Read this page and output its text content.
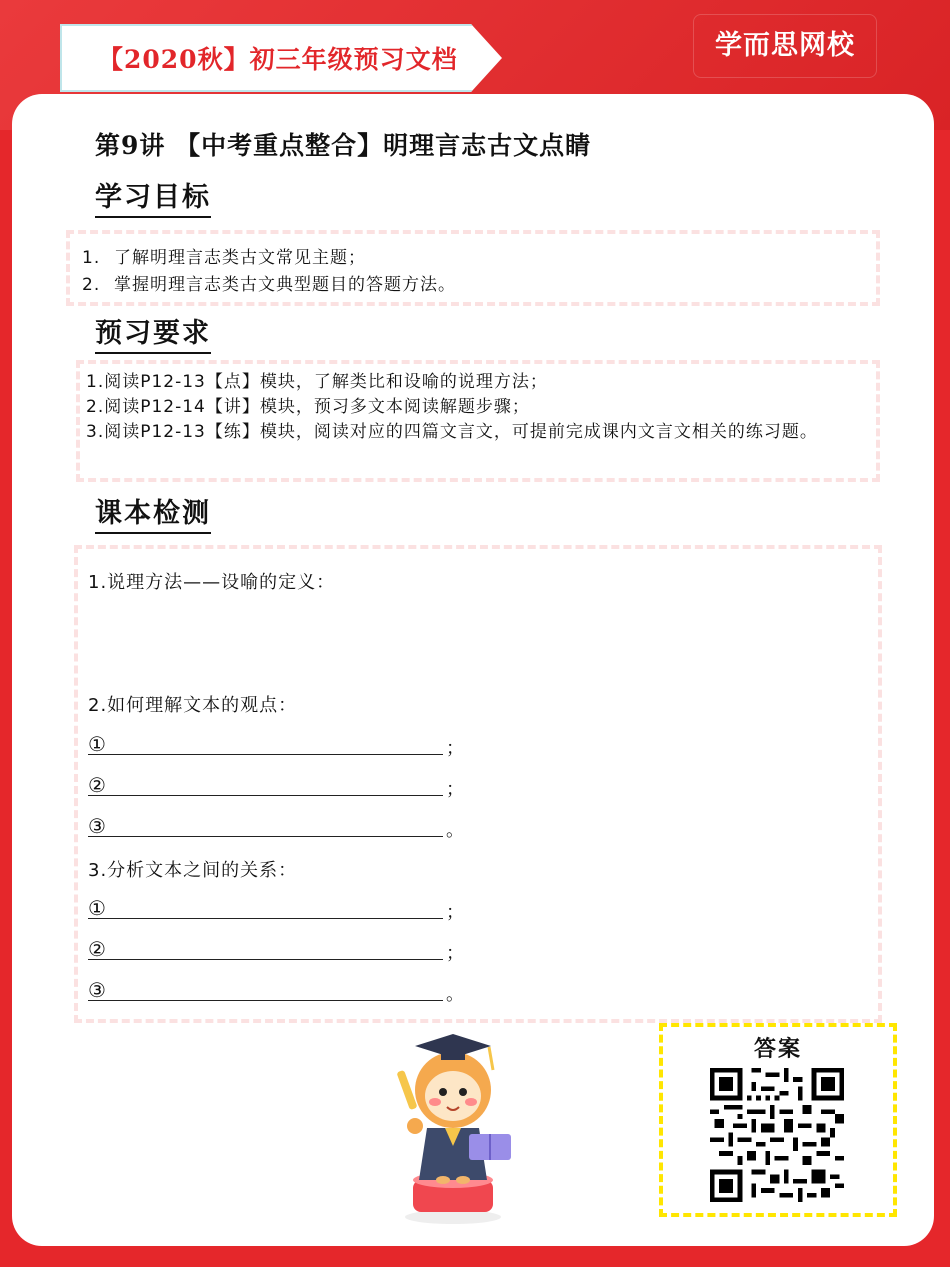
【2020秋】初三年级预习文档	学而思网校
第9讲 【中考重点整合】明理言志古文点睛
学习目标
1. 了解明理言志类古文常见主题；
2. 掌握明理言志类古文典型题目的答题方法。
预习要求
1.阅读P12-13【点】模块，了解类比和设喻的说理方法；
2.阅读P12-14【讲】模块，预习多文本阅读解题步骤；
3.阅读P12-13【练】模块，阅读对应的四篇文言文，可提前完成课内文言文相关的练习题。
课本检测
1.说理方法——设喻的定义：
2.如何理解文本的观点：
①	；
②	；
③	。
3.分析文本之间的关系：
①	；
②	；
③	。
答案
